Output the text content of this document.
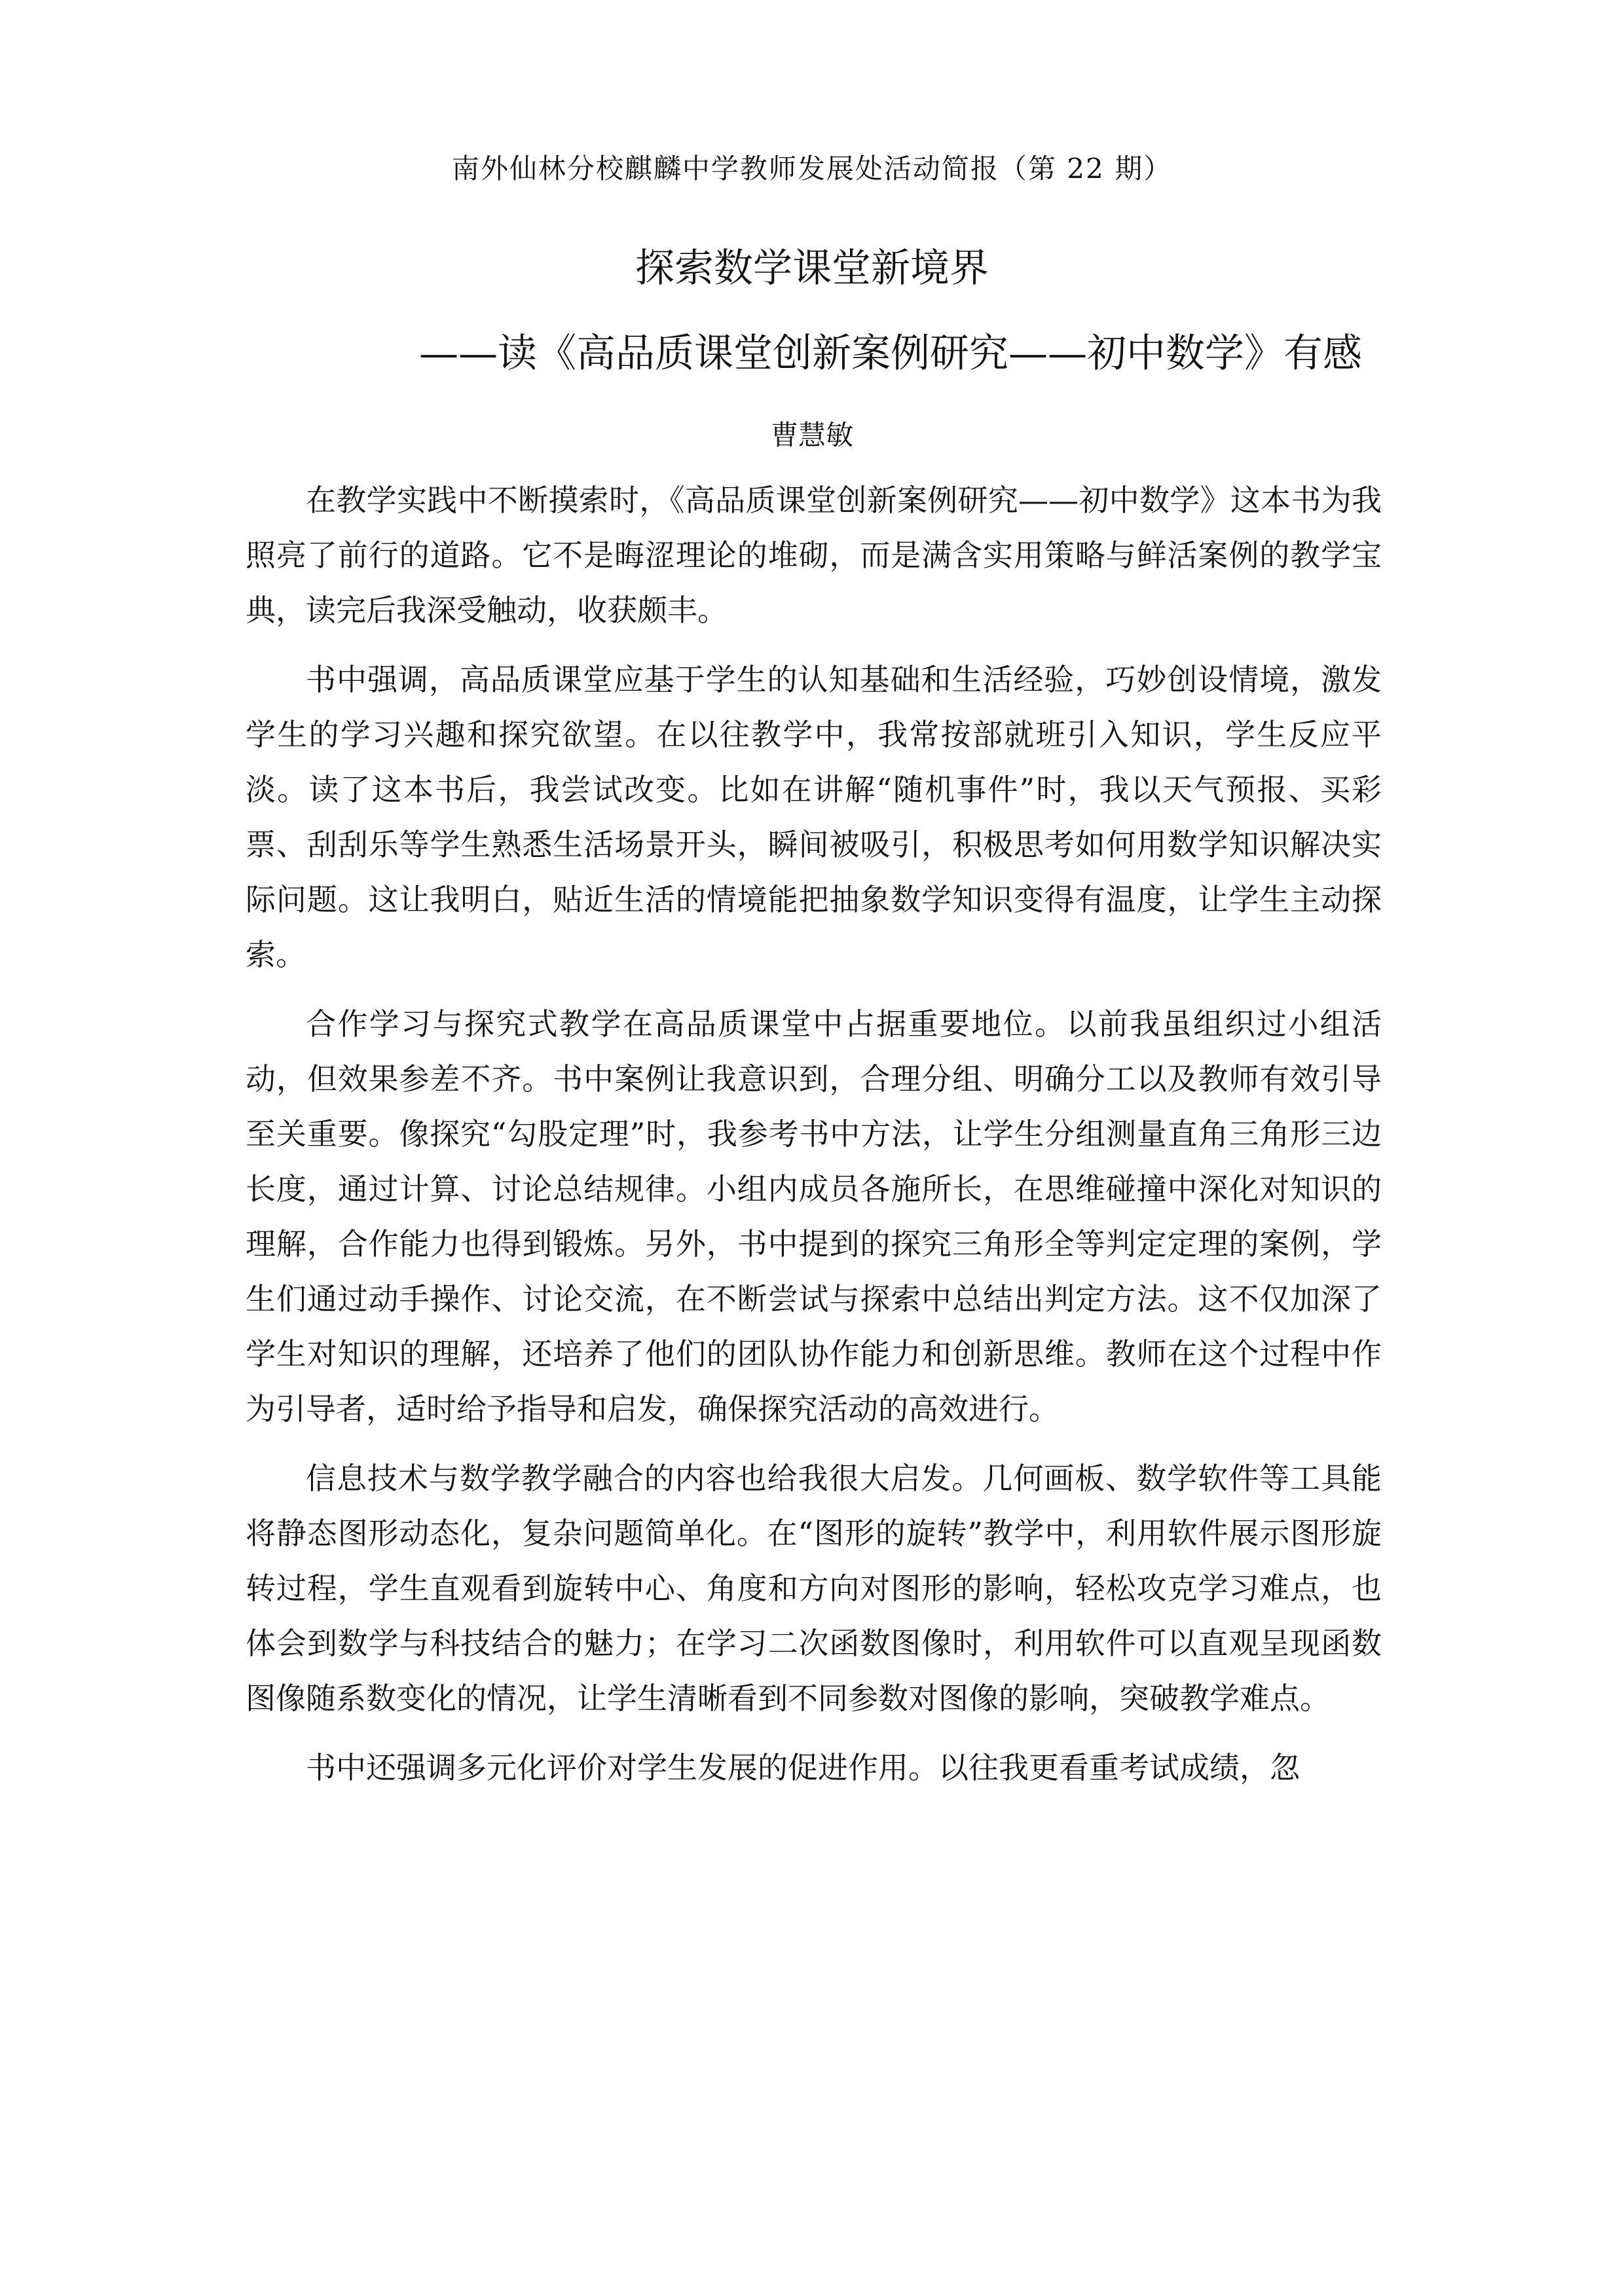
南外仙林分校麒麟中学教师发展处活动简报（第 22 期）
探索数学课堂新境界
——读《高品质课堂创新案例研究——初中数学》有感
曹慧敏

在教学实践中不断摸索时，《高品质课堂创新案例研究——初中数学》这本书为我照亮了前行的道路。它不是晦涩理论的堆砌，而是满含实用策略与鲜活案例的教学宝典，读完后我深受触动，收获颇丰。

书中强调，高品质课堂应基于学生的认知基础和生活经验，巧妙创设情境，激发学生的学习兴趣和探究欲望。在以往教学中，我常按部就班引入知识，学生反应平淡。读了这本书后，我尝试改变。比如在讲解“随机事件”时，我以天气预报、买彩票、刮刮乐等学生熟悉生活场景开头，瞬间被吸引，积极思考如何用数学知识解决实际问题。这让我明白，贴近生活的情境能把抽象数学知识变得有温度，让学生主动探索。

合作学习与探究式教学在高品质课堂中占据重要地位。以前我虽组织过小组活动，但效果参差不齐。书中案例让我意识到，合理分组、明确分工以及教师有效引导至关重要。像探究“勾股定理”时，我参考书中方法，让学生分组测量直角三角形三边长度，通过计算、讨论总结规律。小组内成员各施所长，在思维碰撞中深化对知识的理解，合作能力也得到锻炼。另外，书中提到的探究三角形全等判定定理的案例，学生们通过动手操作、讨论交流，在不断尝试与探索中总结出判定方法。这不仅加深了学生对知识的理解，还培养了他们的团队协作能力和创新思维。教师在这个过程中作为引导者，适时给予指导和启发，确保探究活动的高效进行。

信息技术与数学教学融合的内容也给我很大启发。几何画板、数学软件等工具能将静态图形动态化，复杂问题简单化。在“图形的旋转”教学中，利用软件展示图形旋转过程，学生直观看到旋转中心、角度和方向对图形的影响，轻松攻克学习难点，也体会到数学与科技结合的魅力；在学习二次函数图像时，利用软件可以直观呈现函数图像随系数变化的情况，让学生清晰看到不同参数对图像的影响，突破教学难点。

书中还强调多元化评价对学生发展的促进作用。以往我更看重考试成绩，忽
